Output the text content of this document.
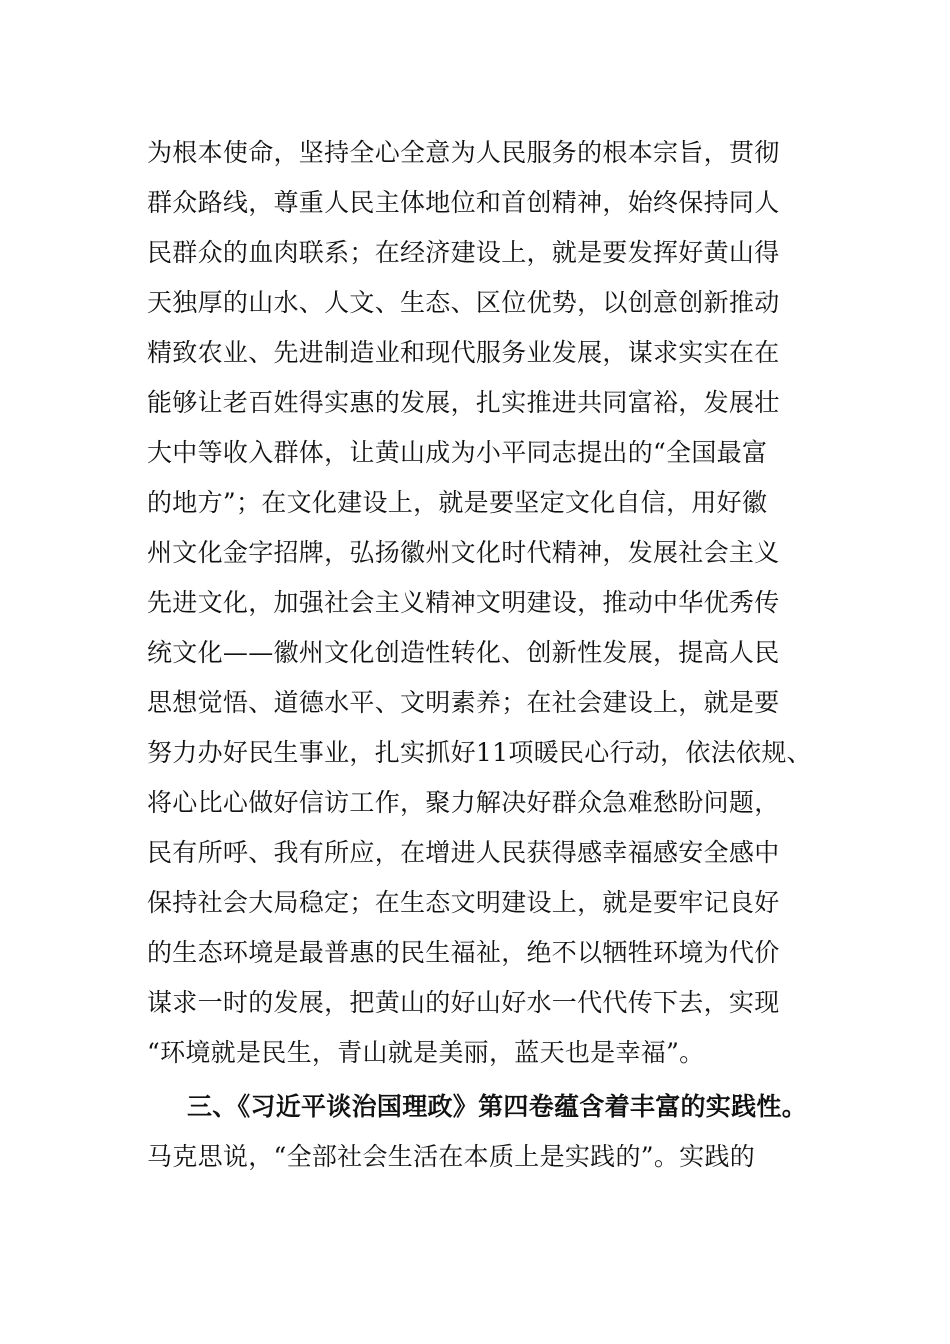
为根本使命，坚持全心全意为人民服务的根本宗旨，贯彻
群众路线，尊重人民主体地位和首创精神，始终保持同人
民群众的血肉联系；在经济建设上，就是要发挥好黄山得
天独厚的山水、人文、生态、区位优势，以创意创新推动
精致农业、先进制造业和现代服务业发展，谋求实实在在
能够让老百姓得实惠的发展，扎实推进共同富裕，发展壮
大中等收入群体，让黄山成为小平同志提出的“全国最富
的地方”；在文化建设上，就是要坚定文化自信，用好徽
州文化金字招牌，弘扬徽州文化时代精神，发展社会主义
先进文化，加强社会主义精神文明建设，推动中华优秀传
统文化——徽州文化创造性转化、创新性发展，提高人民
思想觉悟、道德水平、文明素养；在社会建设上，就是要
努力办好民生事业，扎实抓好11项暖民心行动，依法依规、
将心比心做好信访工作，聚力解决好群众急难愁盼问题，
民有所呼、我有所应，在增进人民获得感幸福感安全感中
保持社会大局稳定；在生态文明建设上，就是要牢记良好
的生态环境是最普惠的民生福祉，绝不以牺牲环境为代价
谋求一时的发展，把黄山的好山好水一代代传下去，实现
“环境就是民生，青山就是美丽，蓝天也是幸福”。
三、《习近平谈治国理政》第四卷蕴含着丰富的实践性。
马克思说，“全部社会生活在本质上是实践的”。实践的
